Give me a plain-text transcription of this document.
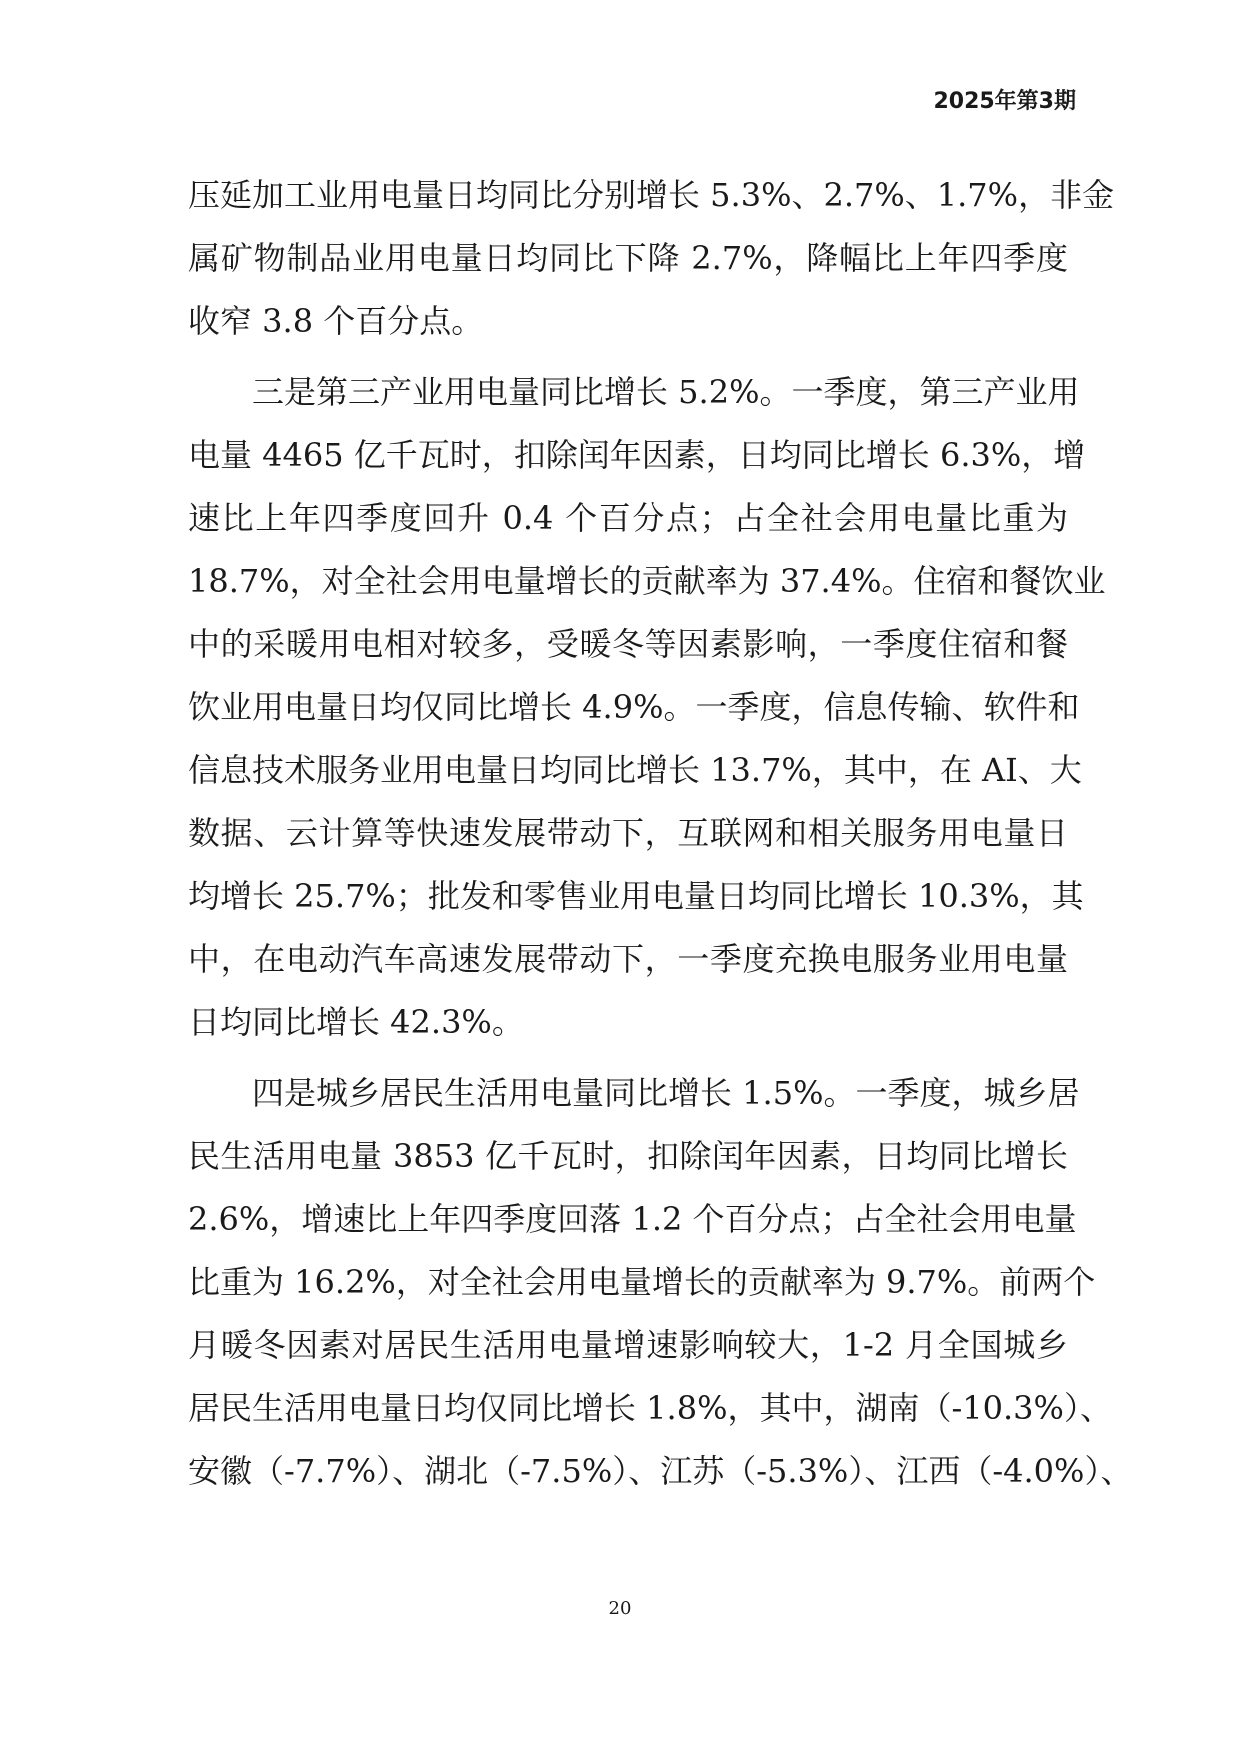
2025年第3期
压延加工业用电量日均同比分别增长 5.3%、2.7%、1.7%，非金
属矿物制品业用电量日均同比下降 2.7%，降幅比上年四季度
收窄 3.8 个百分点。
　　三是第三产业用电量同比增长 5.2%。一季度，第三产业用
电量 4465 亿千瓦时，扣除闰年因素，日均同比增长 6.3%，增
速比上年四季度回升 0.4 个百分点；占全社会用电量比重为
18.7%，对全社会用电量增长的贡献率为 37.4%。住宿和餐饮业
中的采暖用电相对较多，受暖冬等因素影响，一季度住宿和餐
饮业用电量日均仅同比增长 4.9%。一季度，信息传输、软件和
信息技术服务业用电量日均同比增长 13.7%，其中，在 AI、大
数据、云计算等快速发展带动下，互联网和相关服务用电量日
均增长 25.7%；批发和零售业用电量日均同比增长 10.3%，其
中，在电动汽车高速发展带动下，一季度充换电服务业用电量
日均同比增长 42.3%。
　　四是城乡居民生活用电量同比增长 1.5%。一季度，城乡居
民生活用电量 3853 亿千瓦时，扣除闰年因素，日均同比增长
2.6%，增速比上年四季度回落 1.2 个百分点；占全社会用电量
比重为 16.2%，对全社会用电量增长的贡献率为 9.7%。前两个
月暖冬因素对居民生活用电量增速影响较大，1-2 月全国城乡
居民生活用电量日均仅同比增长 1.8%，其中，湖南（-10.3%）、
安徽（-7.7%）、湖北（-7.5%）、江苏（-5.3%）、江西（-4.0%）、
20
